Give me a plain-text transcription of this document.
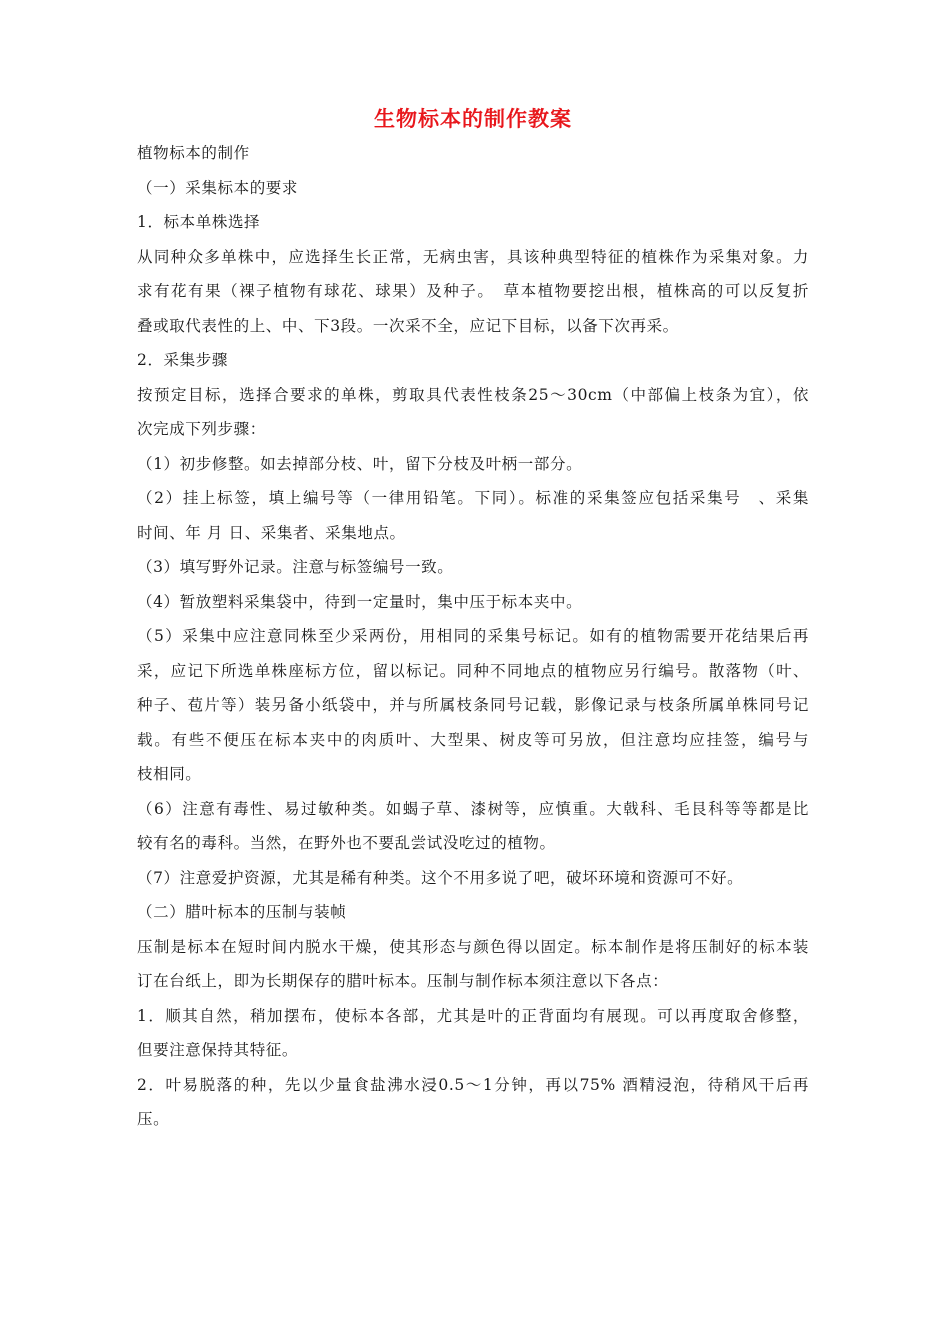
生物标本的制作教案

植物标本的制作

（一）采集标本的要求

1．标本单株选择

从同种众多单株中，应选择生长正常，无病虫害，具该种典型特征的植株作为采集对象。力

求有花有果（裸子植物有球花、球果）及种子。　草本植物要挖出根，植株高的可以反复折

叠或取代表性的上、中、下3段。一次采不全，应记下目标，以备下次再采。

2．采集步骤

按预定目标，选择合要求的单株，剪取具代表性枝条25～30cm（中部偏上枝条为宜），依

次完成下列步骤：

（1）初步修整。如去掉部分枝、叶，留下分枝及叶柄一部分。

（2）挂上标签，填上编号等（一律用铅笔。下同）。标准的采集签应包括采集号　、采集

时间、年 月 日、采集者、采集地点。

（3）填写野外记录。注意与标签编号一致。

（4）暂放塑料采集袋中，待到一定量时，集中压于标本夹中。

（5）采集中应注意同株至少采两份，用相同的采集号标记。如有的植物需要开花结果后再

采，应记下所选单株座标方位，留以标记。同种不同地点的植物应另行编号。散落物（叶、

种子、苞片等）装另备小纸袋中，并与所属枝条同号记载，影像记录与枝条所属单株同号记

载。有些不便压在标本夹中的肉质叶、大型果、树皮等可另放，但注意均应挂签，编号与

枝相同。

（6）注意有毒性、易过敏种类。如蝎子草、漆树等，应慎重。大戟科、毛艮科等等都是比

较有名的毒科。当然，在野外也不要乱尝试没吃过的植物。

（7）注意爱护资源，尤其是稀有种类。这个不用多说了吧，破坏环境和资源可不好。

（二）腊叶标本的压制与装帧

压制是标本在短时间内脱水干燥，使其形态与颜色得以固定。标本制作是将压制好的标本装

订在台纸上，即为长期保存的腊叶标本。压制与制作标本须注意以下各点：

1．顺其自然，稍加摆布，使标本各部，尤其是叶的正背面均有展现。可以再度取舍修整，

但要注意保持其特征。

2．叶易脱落的种，先以少量食盐沸水浸0.5～1分钟，再以75% 酒精浸泡，待稍风干后再

压。
